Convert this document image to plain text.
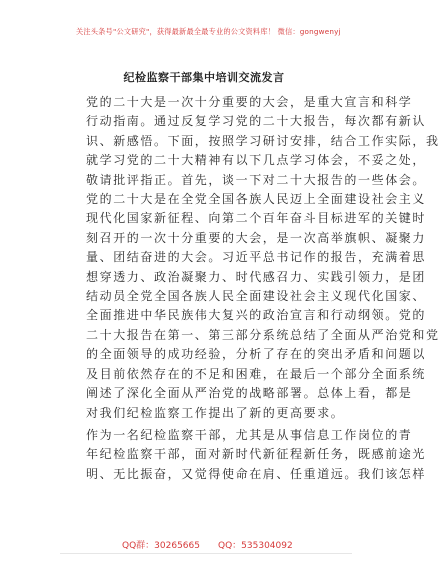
关注头条号"公文研究"，获得最新最全最专业的公文资料库！ 微信：gongwenyj
纪检监察干部集中培训交流发言
党的二十大是一次十分重要的大会，是重大宣言和科学
行动指南。通过反复学习党的二十大报告，每次都有新认
识、新感悟。下面，按照学习研讨安排，结合工作实际，我
就学习党的二十大精神有以下几点学习体会，不妥之处，
敬请批评指正。首先，谈一下对二十大报告的一些体会。
党的二十大是在全党全国各族人民迈上全面建设社会主义
现代化国家新征程、向第二个百年奋斗目标进军的关键时
刻召开的一次十分重要的大会，是一次高举旗帜、凝聚力
量、团结奋进的大会。习近平总书记作的报告，充满着思
想穿透力、政治凝聚力、时代感召力、实践引领力，是团
结动员全党全国各族人民全面建设社会主义现代化国家、
全面推进中华民族伟大复兴的政治宣言和行动纲领。党的
二十大报告在第一、第三部分系统总结了全面从严治党和党
的全面领导的成功经验，分析了存在的突出矛盾和问题以
及目前依然存在的不足和困难，在最后一个部分全面系统
阐述了深化全面从严治党的战略部署。总体上看，都是
对我们纪检监察工作提出了新的更高要求。
作为一名纪检监察干部，尤其是从事信息工作岗位的青
年纪检监察干部，面对新时代新征程新任务，既感前途光
明、无比振奋，又觉得使命在肩、任重道远。我们该怎样
QQ群：30265665 QQ：535304092
